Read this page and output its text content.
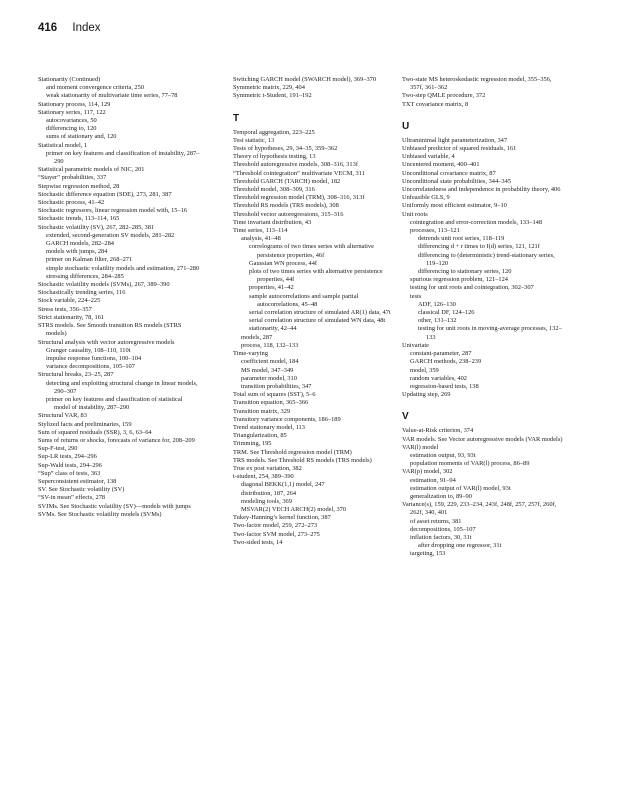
416 Index
Stationarity (Continued)
and moment convergence criteria, 250
weak stationarity of multivariate time series, 77–78
Stationary process, 114, 129
Stationary series, 117, 122
autocovariances, 50
differencing to, 120
sums of stationary and, 120
Statistical model, 1
primer on key features and classification of instability, 287–290
Statistical parametric models of NIC, 201
“Stayer” probabilities, 337
Stepwise regression method, 28
Stochastic difference equation (SDE), 273, 281, 387
Stochastic process, 41–42
Stochastic regressors, linear regression model with, 15–16
Stochastic trends, 113–114, 165
Stochastic volatility (SV), 267, 282–285, 381
extended, second-generation SV models, 281–282
GARCH models, 282–284
models with jumps, 284
primer on Kalman filter, 268–271
simple stochastic volatility models and estimation, 271–280
stressing differences, 284–285
Stochastic volatility models (SVMs), 267, 389–390
Stochastically trending series, 116
Stock variable, 224–225
Stress tests, 356–357
Strict stationarity, 78, 161
STRS models. See Smooth transition RS models (STRS models)
Structural analysis with vector autoregressive models
Granger causality, 108–110, 110t
impulse response functions, 100–104
variance decompositions, 105–107
Structural breaks, 23–25, 287
detecting and exploiting structural change in linear models, 290–307
primer on key features and classification of statistical model of instability, 287–290
Structural VAR, 83
Stylized facts and preliminaries, 159
Sum of squared residuals (SSR), 3, 6, 63–64
Sums of returns or shocks, forecasts of variance for, 208–209
Sup-F-test, 290
Sup-LR tests, 294–296
Sup-Wald tests, 294–296
“Sup” class of tests, 363
Superconsistent estimator, 138
SV. See Stochastic volatility (SV)
“SV-in mean” effects, 278
SVJMs. See Stochastic volatility (SV)—models with jumps
SVMs. See Stochastic volatility models (SVMs)
Switching GARCH model (SWARCH model), 369–370
Symmetric matrix, 229, 404
Symmetric t-Student, 191–192
T
Temporal aggregation, 223–225
Test statistic, 13
Tests of hypotheses, 29, 34–35, 359–362
Theory of hypothesis testing, 13
Threshold autoregressive models, 308–316, 313f
“Threshold cointegration” multivariate VECM, 311
Threshold GARCH (TARCH) model, 182
Threshold model, 308–309, 316
Threshold regression model (TRM), 308–316, 313f
Threshold RS models (TRS models), 308
Threshold vector autoregressions, 315–316
Time invariant distribution, 43
Time series, 113–114
analysis, 41–48
correlograms of two times series with alternative persistence properties, 46f
Gaussian WN process, 44f
plots of two times series with alternative persistence properties, 44f
properties, 41–42
sample autocorrelations and sample partial autocorrelations, 45–48
serial correlation structure of simulated AR(1) data, 47t
serial correlation structure of simulated WN data, 48t
stationarity, 42–44
models, 287
process, 118, 132–133
Time-varying
coefficient model, 184
MS model, 347–349
parameter model, 310
transition probabilities, 347
Total sum of squares (SST), 5–6
Transition equation, 365–366
Transition matrix, 329
Transitory variance components, 186–189
Trend stationary model, 113
Triangularization, 85
Trimming, 195
TRM. See Threshold regression model (TRM)
TRS models. See Threshold RS models (TRS models)
True ex post variation, 382
t-student, 254, 389–390
diagonal BEKK(1,1) model, 247
distribution, 187, 264
modeling tools, 369
MSVAR(2) VECH ARCH(2) model, 370
Tukey-Hanning’s kernel function, 387
Two-factor model, 259, 272–273
Two-factor SVM model, 273–275
Two-sided tests, 14
Two-state MS heteroskedastic regression model, 355–356, 357f, 361–362
Two-step QMLE procedure, 372
TXT covariance matrix, 8
U
Ultraminimal light parameterization, 347
Unbiased predictor of squared residuals, 161
Unbiased variable, 4
Uncentered moment, 400–401
Unconditional covariance matrix, 87
Unconditional state probabilities, 344–345
Uncorrelatedness and independence in probability theory, 406
Unfeasible GLS, 9
Uniformly most efficient estimator, 9–10
Unit roots
cointegration and error-correction models, 133–148
processes, 113–121
detrends unit root series, 118–119
differencing d + r times to I(d) series, 121, 121f
differencing to (deterministic) trend-stationary series, 119–120
differencing to stationary series, 120
spurious regression problem, 121–124
testing for unit roots and cointegration, 302–307
tests
ADF, 126–130
classical DF, 124–126
other, 131–132
testing for unit roots in moving-average processes, 132–133
Univariate
constant-parameter, 287
GARCH methods, 238–239
model, 359
random variables, 402
regression-based tests, 138
Updating step, 269
V
Value-at-Risk criterion, 374
VAR models. See Vector autoregressive models (VAR models)
VAR(l) model
estimation output, 93, 93t
population moments of VAR(l) process, 86–89
VAR(p) model, 302
estimation, 91–94
estimation output of VAR(l) model, 93t
generalization to, 89–90
Variance(s), 159, 229, 233–234, 243f, 248f, 257, 257f, 260f, 262f, 340, 401
of asset returns, 381
decompositions, 105–107
inflation factors, 30, 31t
after dropping one regressor, 31t
targeting, 153
